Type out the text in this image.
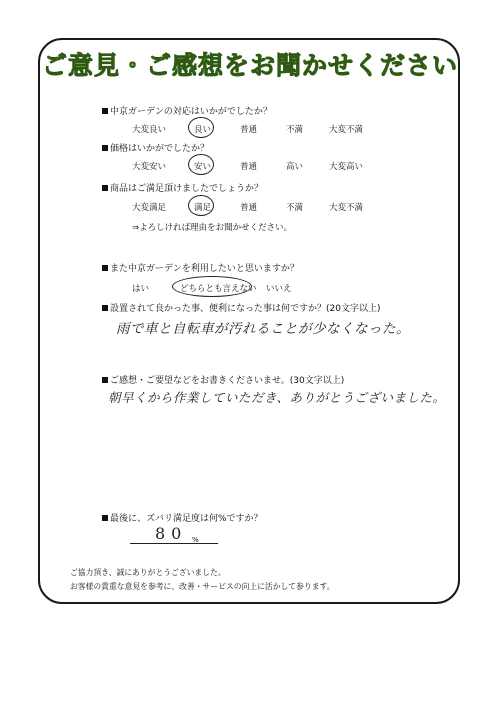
ご意見・ご感想をお聞かせください
中京ガーデンの対応はいかがでしたか？
大変良い	良い	普通	不満	大変不満
価格はいかがでしたか？
大変安い	安い	普通	高い	大変高い
商品はご満足頂けましたでしょうか？
大変満足	満足	普通	不満	大変不満
⇒よろしければ理由をお聞かせください。
また中京ガーデンを利用したいと思いますか？
はい	どちらとも言えない いいえ
設置されて良かった事、便利になった事は何ですか？(20文字以上)
雨で車と自転車が汚れることが少なくなった。
ご感想・ご要望などをお書きくださいませ。(30文字以上)
朝早くから作業していただき、ありがとうございました。
最後に、ズバリ満足度は何%ですか？
80 %
ご協力頂き、誠にありがとうございました。
お客様の貴重な意見を参考に、改善・サービスの向上に活かして参ります。
